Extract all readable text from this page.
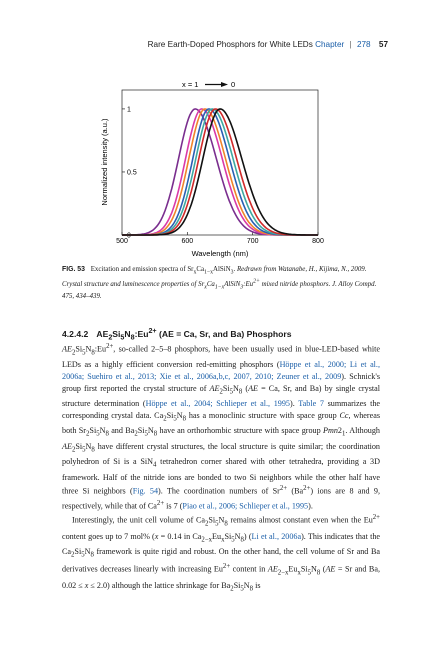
Rare Earth-Doped Phosphors for White LEDs Chapter | 278 57
500	600	700	800
0
0.5
1
x = 1	0
Wavelength (nm)
Normalized intensity (a.u.)
FIG. 53 Excitation and emission spectra of $Sr_xCa_{1-x}AlSiN_3$. Redrawn from Watanabe, H., Kijima, N., 2009. Crystal structure and luminescence properties of $Sr_xCa_{1-x}AlSiN_3:Eu^{2+}$ mixed nitride phosphors. J. Alloy Compd. 475, 434–439.
4.2.4.2 $AE_2Si_5N_8:Eu^{2+}$ (AE = Ca, Sr, and Ba) Phosphors

$AE_2Si_5N_8:Eu^{2+}$, so-called 2–5–8 phosphors, have been usually used in blue-LED-based white LEDs as a highly efficient conversion red-emitting phosphors (Höppe et al., 2000; Li et al., 2006a; Suehiro et al., 2013; Xie et al., 2006a,b,c, 2007, 2010; Zeuner et al., 2009). Schnick's group first reported the crystal structure of $AE_2Si_5N_8$ (AE = Ca, Sr, and Ba) by single crystal structure determination (Höppe et al., 2004; Schlieper et al., 1995). Table 7 summarizes the corresponding crystal data. $Ca_2Si_5N_8$ has a monoclinic structure with space group Cc, whereas both $Sr_2Si_5N_8$ and $Ba_2Si_5N_8$ have an orthorhombic structure with space group $Pmn2_1$. Although $AE_2Si_5N_8$ have different crystal structures, the local structure is quite similar; the coordination polyhedron of Si is a SiN$_4$ tetrahedron corner shared with other tetrahedra, providing a 3D framework. Half of the nitride ions are bonded to two Si neighbors while the other half have three Si neighbors (Fig. 54). The coordination numbers of $Sr^{2+}$ $(Ba^{2+})$ ions are 8 and 9, respectively, while that of $Ca^{2+}$ is 7 (Piao et al., 2006; Schlieper et al., 1995).

Interestingly, the unit cell volume of $Ca_2Si_5N_8$ remains almost constant even when the $Eu^{2+}$ content goes up to 7 mol% (x = 0.14 in $Ca_{2-x}Eu_xSi_5N_8$) (Li et al., 2006a). This indicates that the $Ca_2Si_5N_8$ framework is quite rigid and robust. On the other hand, the cell volume of Sr and Ba derivatives decreases linearly with increasing $Eu^{2+}$ content in $AE_{2-x}Eu_xSi_5N_8$ (AE = Sr and Ba, 0.02 ≤ x ≤ 2.0) although the lattice shrinkage for $Ba_2Si_5N_8$ is
